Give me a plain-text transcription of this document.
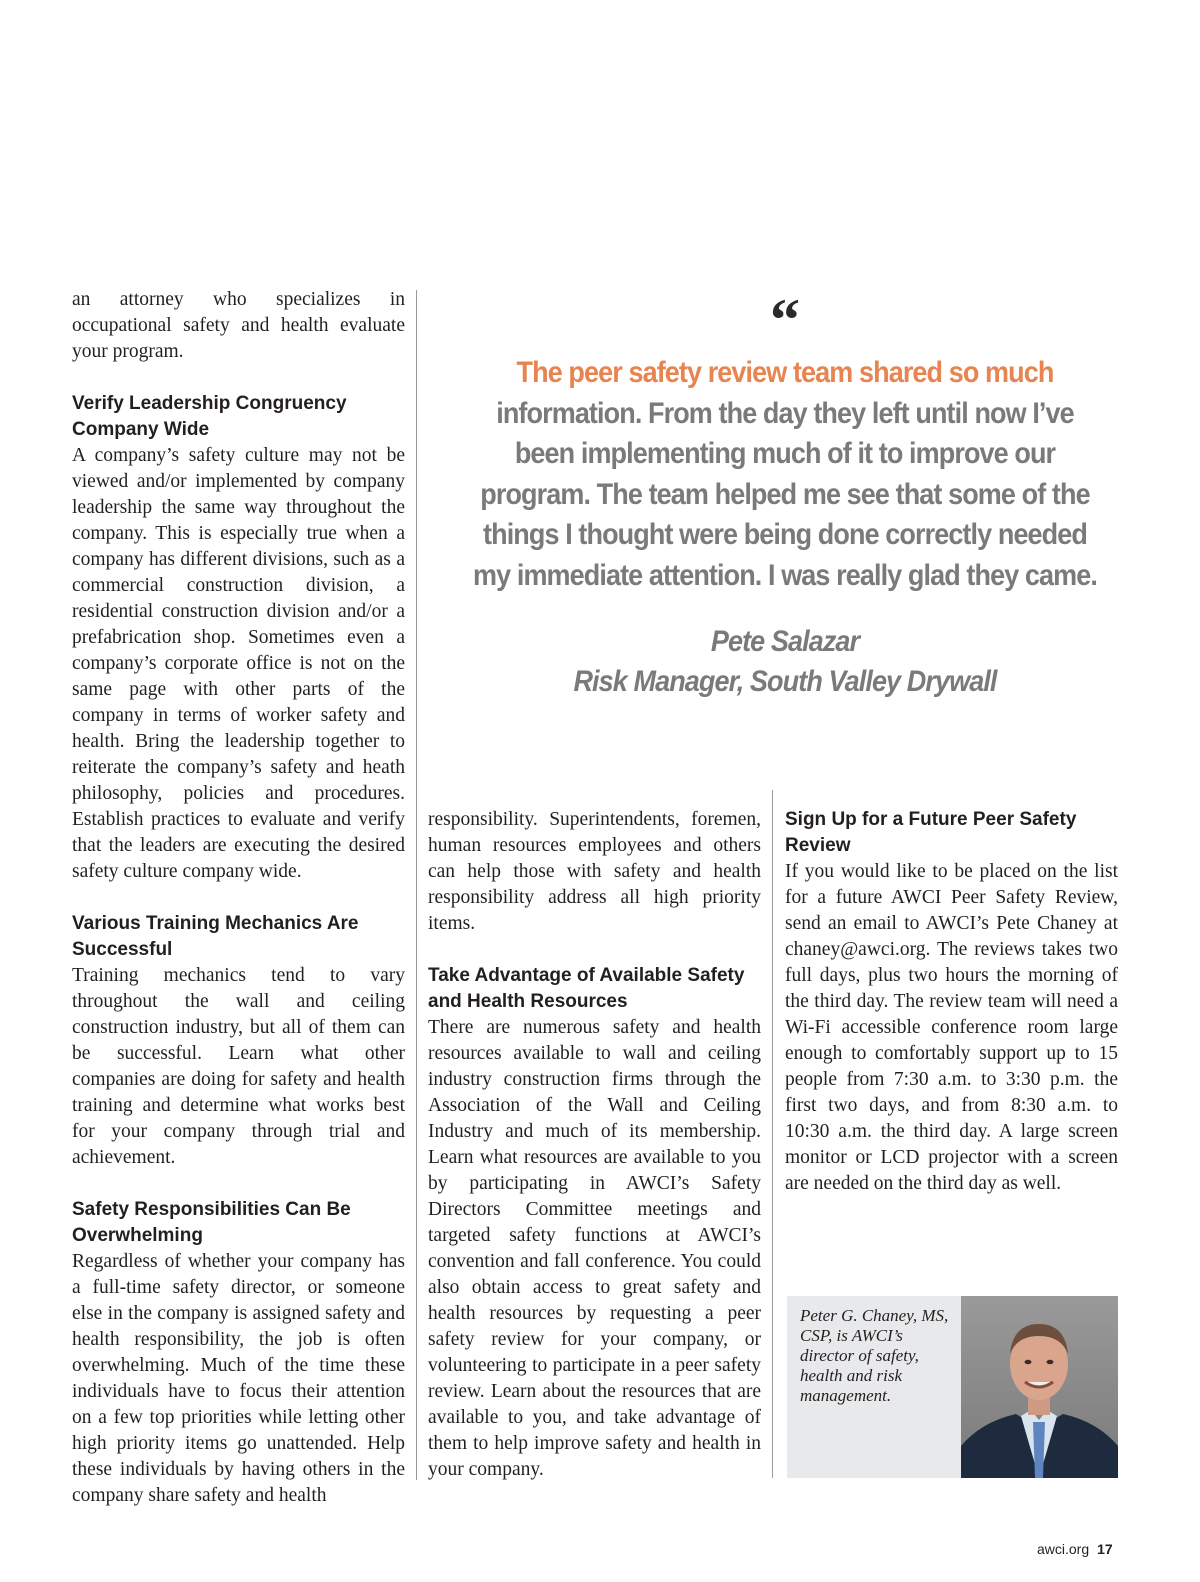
an attorney who specializes in occupational safety and health evaluate your program.

Verify Leadership Congruency Company Wide

A company’s safety culture may not be viewed and/or implemented by company leadership the same way throughout the company. This is especially true when a company has different divisions, such as a commercial construction division, a residential construction division and/or a prefabrication shop. Sometimes even a company’s corporate office is not on the same page with other parts of the company in terms of worker safety and health. Bring the leadership together to reiterate the company’s safety and heath philosophy, policies and procedures. Establish practices to evaluate and verify that the leaders are executing the desired safety culture company wide.

Various Training Mechanics Are Successful

Training mechanics tend to vary throughout the wall and ceiling construction industry, but all of them can be successful. Learn what other companies are doing for safety and health training and determine what works best for your company through trial and achievement.

Safety Responsibilities Can Be Overwhelming

Regardless of whether your company has a full-time safety director, or someone else in the company is assigned safety and health responsibility, the job is often overwhelming. Much of the time these individuals have to focus their attention on a few top priorities while letting other high priority items go unattended. Help these individuals by having others in the company share safety and health

“
The peer safety review team shared so much information. From the day they left until now I’ve been implementing much of it to improve our program. The team helped me see that some of the things I thought were being done correctly needed my immediate attention. I was really glad they came.
Pete Salazar
Risk Manager, South Valley Drywall

responsibility. Superintendents, foremen, human resources employees and others can help those with safety and health responsibility address all high priority items.

Take Advantage of Available Safety and Health Resources

There are numerous safety and health resources available to wall and ceiling industry construction firms through the Association of the Wall and Ceiling Industry and much of its membership. Learn what resources are available to you by participating in AWCI’s Safety Directors Committee meetings and targeted safety functions at AWCI’s convention and fall conference. You could also obtain access to great safety and health resources by requesting a peer safety review for your company, or volunteering to participate in a peer safety review. Learn about the resources that are available to you, and take advantage of them to help improve safety and health in your company.

Sign Up for a Future Peer Safety Review

If you would like to be placed on the list for a future AWCI Peer Safety Review, send an email to AWCI’s Pete Chaney at chaney@awci.org. The reviews takes two full days, plus two hours the morning of the third day. The review team will need a Wi-Fi accessible conference room large enough to comfortably support up to 15 people from 7:30 a.m. to 3:30 p.m. the first two days, and from 8:30 a.m. to 10:30 a.m. the third day. A large screen monitor or LCD projector with a screen are needed on the third day as well.

Peter G. Chaney, MS, CSP, is AWCI’s director of safety, health and risk management.
awci.org 17
